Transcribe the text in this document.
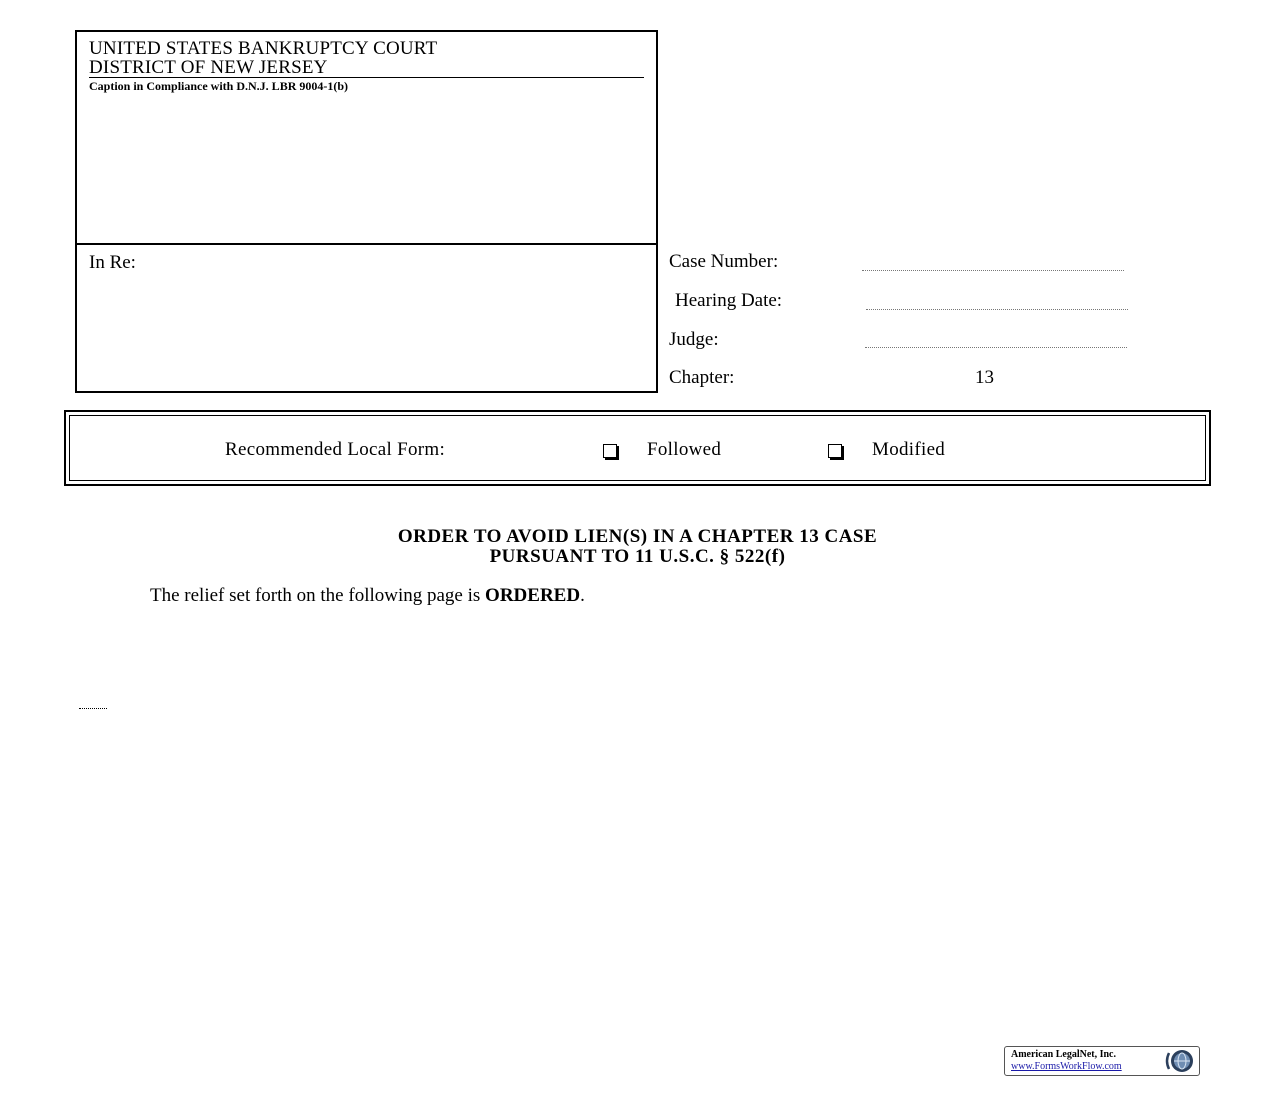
UNITED STATES BANKRUPTCY COURT
DISTRICT OF NEW JERSEY
Caption in Compliance with D.N.J. LBR 9004-1(b)
In Re:	Case Number:
Hearing Date:
Judge:
Chapter:	13
Recommended Local Form:	Followed	Modified
ORDER TO AVOID LIEN(S) IN A CHAPTER 13 CASE
PURSUANT TO 11 U.S.C. § 522(f)
The relief set forth on the following page is ORDERED.
American LegalNet, Inc.
www.FormsWorkFlow.com
